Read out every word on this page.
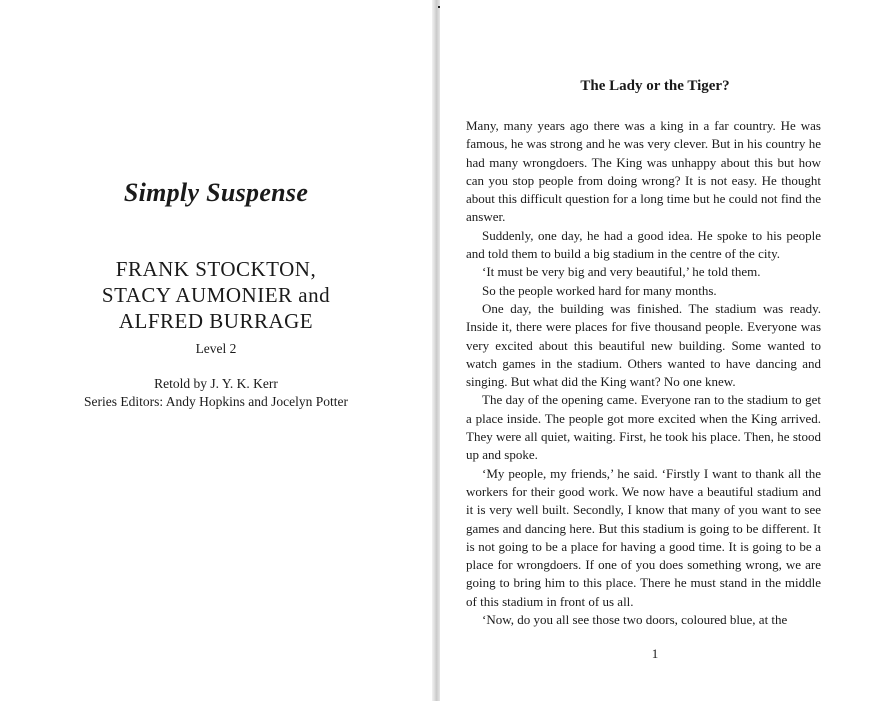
Simply Suspense
FRANK STOCKTON,
STACY AUMONIER and
ALFRED BURRAGE
Level 2
Retold by J. Y. K. Kerr
Series Editors: Andy Hopkins and Jocelyn Potter
The Lady or the Tiger?

Many, many years ago there was a king in a far country. He was famous, he was strong and he was very clever. But in his country he had many wrongdoers. The King was unhappy about this but how can you stop people from doing wrong? It is not easy. He thought about this difficult question for a long time but he could not find the answer.

Suddenly, one day, he had a good idea. He spoke to his people and told them to build a big stadium in the centre of the city.

‘It must be very big and very beautiful,’ he told them.

So the people worked hard for many months.

One day, the building was finished. The stadium was ready. Inside it, there were places for five thousand people. Everyone was very excited about this beautiful new building. Some wanted to watch games in the stadium. Others wanted to have dancing and singing. But what did the King want? No one knew.

The day of the opening came. Everyone ran to the stadium to get a place inside. The people got more excited when the King arrived. They were all quiet, waiting. First, he took his place. Then, he stood up and spoke.

‘My people, my friends,’ he said. ‘Firstly I want to thank all the workers for their good work. We now have a beautiful stadium and it is very well built. Secondly, I know that many of you want to see games and dancing here. But this stadium is going to be different. It is not going to be a place for having a good time. It is going to be a place for wrongdoers. If one of you does something wrong, we are going to bring him to this place. There he must stand in the middle of this stadium in front of us all.

‘Now, do you all see those two doors, coloured blue, at the

1
